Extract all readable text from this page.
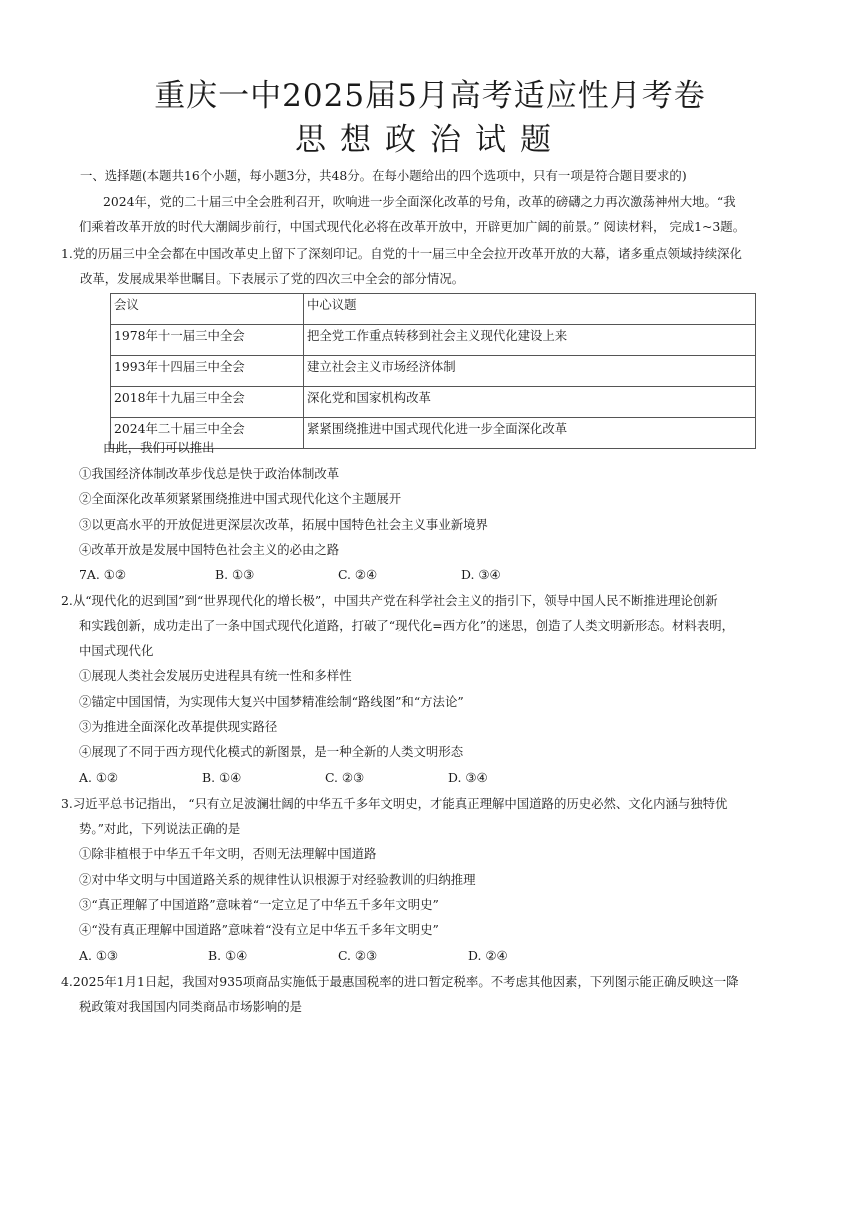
重庆一中2025届5月高考适应性月考卷
思想政治试题
一、选择题(本题共16个小题，每小题3分，共48分。在每小题给出的四个选项中，只有一项是符合题目要求的)
2024年，党的二十届三中全会胜利召开，吹响进一步全面深化改革的号角，改革的磅礴之力再次激荡神州大地。“我
们乘着改革开放的时代大潮阔步前行，中国式现代化必将在改革开放中，开辟更加广阔的前景。” 阅读材料， 完成1~3题。
1.党的历届三中全会都在中国改革史上留下了深刻印记。自党的十一届三中全会拉开改革开放的大幕，诸多重点领域持续深化
改革，发展成果举世瞩目。下表展示了党的四次三中全会的部分情况。
会议	中心议题
1978年十一届三中全会	把全党工作重点转移到社会主义现代化建设上来
1993年十四届三中全会	建立社会主义市场经济体制
2018年十九届三中全会	深化党和国家机构改革
2024年二十届三中全会	紧紧围绕推进中国式现代化进一步全面深化改革
由此，我们可以推出
①我国经济体制改革步伐总是快于政治体制改革
②全面深化改革须紧紧围绕推进中国式现代化这个主题展开
③以更高水平的开放促进更深层次改革，拓展中国特色社会主义事业新境界
④改革开放是发展中国特色社会主义的必由之路
7A. ①②	B. ①③	C. ②④	D. ③④
2.从“现代化的迟到国”到“世界现代化的增长极”，中国共产党在科学社会主义的指引下，领导中国人民不断推进理论创新
和实践创新，成功走出了一条中国式现代化道路，打破了“现代化=西方化”的迷思，创造了人类文明新形态。材料表明，
中国式现代化
①展现人类社会发展历史进程具有统一性和多样性
②锚定中国国情，为实现伟大复兴中国梦精准绘制“路线图”和“方法论”
③为推进全面深化改革提供现实路径
④展现了不同于西方现代化模式的新图景，是一种全新的人类文明形态
A. ①②	B. ①④	C. ②③	D. ③④
3.习近平总书记指出， “只有立足波澜壮阔的中华五千多年文明史，才能真正理解中国道路的历史必然、文化内涵与独特优
势。”对此，下列说法正确的是
①除非植根于中华五千年文明，否则无法理解中国道路
②对中华文明与中国道路关系的规律性认识根源于对经验教训的归纳推理
③“真正理解了中国道路”意味着“一定立足了中华五千多年文明史”
④“没有真正理解中国道路”意味着“没有立足中华五千多年文明史”
A. ①③	B. ①④	C. ②③	D. ②④
4.2025年1月1日起，我国对935项商品实施低于最惠国税率的进口暂定税率。不考虑其他因素，下列图示能正确反映这一降
税政策对我国国内同类商品市场影响的是
